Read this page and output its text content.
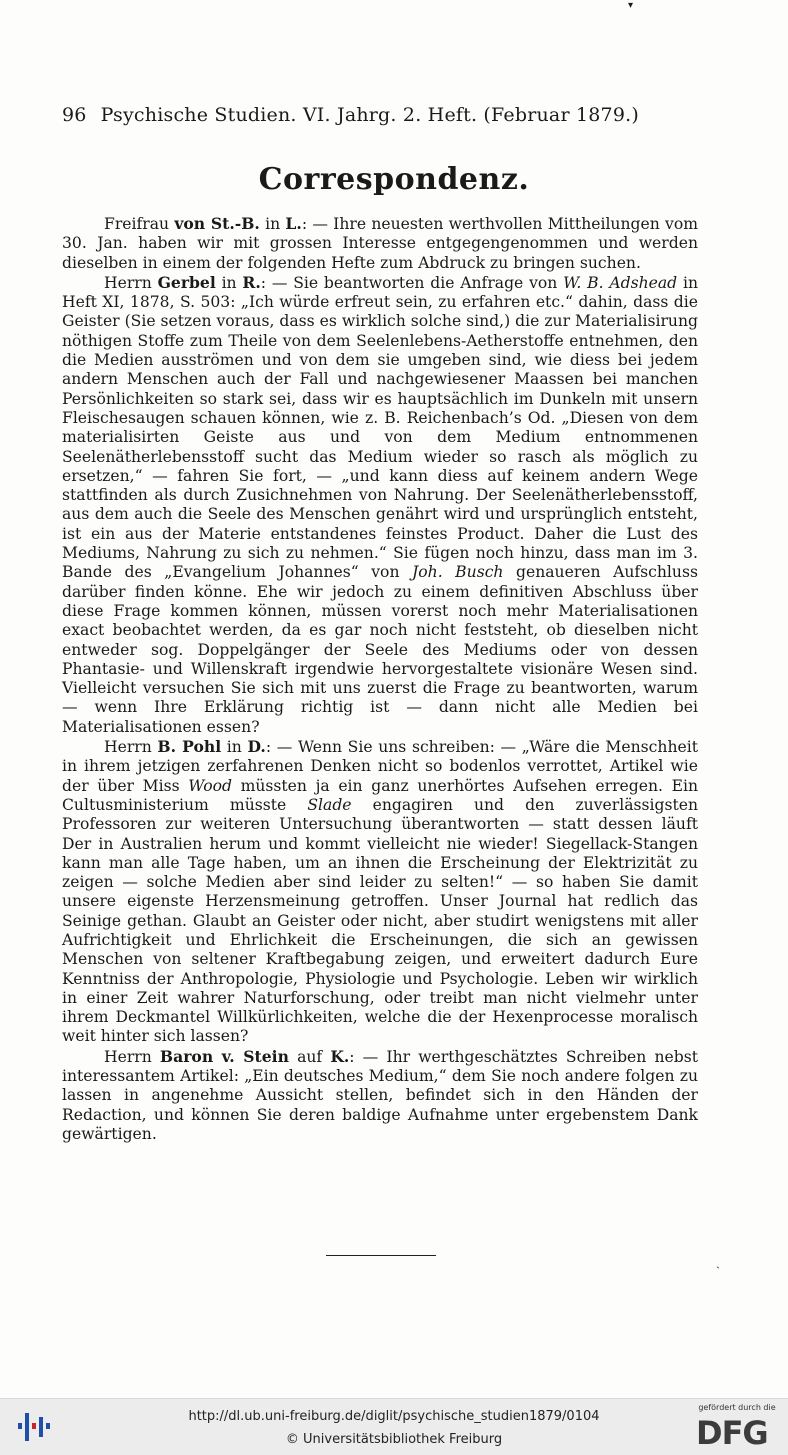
▾
96 Psychische Studien. VI. Jahrg. 2. Heft. (Februar 1879.)
Correspondenz.

Freifrau von St.-B. in L.: — Ihre neuesten werthvollen Mittheilungen vom 30. Jan. haben wir mit grossen Interesse entgegengenommen und werden dieselben in einem der folgenden Hefte zum Abdruck zu bringen suchen.

Herrn Gerbel in R.: — Sie beantworten die Anfrage von W. B. Adshead in Heft XI, 1878, S. 503: „Ich würde erfreut sein, zu erfahren etc.“ dahin, dass die Geister (Sie setzen voraus, dass es wirklich solche sind,) die zur Materialisirung nöthigen Stoffe zum Theile von dem Seelenlebens-Aetherstoffe entnehmen, den die Medien ausströmen und von dem sie umgeben sind, wie diess bei jedem andern Menschen auch der Fall und nachgewiesener Maassen bei manchen Persönlichkeiten so stark sei, dass wir es hauptsächlich im Dunkeln mit unsern Fleischesaugen schauen können, wie z. B. Reichenbach’s Od. „Diesen von dem materialisirten Geiste aus und von dem Medium entnommenen Seelenätherlebensstoff sucht das Medium wieder so rasch als möglich zu ersetzen,“ — fahren Sie fort, — „und kann diess auf keinem andern Wege stattfinden als durch Zusichnehmen von Nahrung. Der Seelenätherlebensstoff, aus dem auch die Seele des Menschen genährt wird und ursprünglich entsteht, ist ein aus der Materie entstandenes feinstes Product. Daher die Lust des Mediums, Nahrung zu sich zu nehmen.“ Sie fügen noch hinzu, dass man im 3. Bande des „Evangelium Johannes“ von Joh. Busch genaueren Aufschluss darüber finden könne. Ehe wir jedoch zu einem definitiven Abschluss über diese Frage kommen können, müssen vorerst noch mehr Materialisationen exact beobachtet werden, da es gar noch nicht feststeht, ob dieselben nicht entweder sog. Doppelgänger der Seele des Mediums oder von dessen Phantasie- und Willenskraft irgendwie hervorgestaltete visionäre Wesen sind. Vielleicht versuchen Sie sich mit uns zuerst die Frage zu beantworten, warum — wenn Ihre Erklärung richtig ist — dann nicht alle Medien bei Materialisationen essen?

Herrn B. Pohl in D.: — Wenn Sie uns schreiben: — „Wäre die Menschheit in ihrem jetzigen zerfahrenen Denken nicht so bodenlos verrottet, Artikel wie der über Miss Wood müssten ja ein ganz unerhörtes Aufsehen erregen. Ein Cultusministerium müsste Slade engagiren und den zuverlässigsten Professoren zur weiteren Untersuchung überantworten — statt dessen läuft Der in Australien herum und kommt vielleicht nie wieder! Siegellack-Stangen kann man alle Tage haben, um an ihnen die Erscheinung der Elektrizität zu zeigen — solche Medien aber sind leider zu selten!“ — so haben Sie damit unsere eigenste Herzensmeinung getroffen. Unser Journal hat redlich das Seinige gethan. Glaubt an Geister oder nicht, aber studirt wenigstens mit aller Aufrichtigkeit und Ehrlichkeit die Erscheinungen, die sich an gewissen Menschen von seltener Kraftbegabung zeigen, und erweitert dadurch Eure Kenntniss der Anthropologie, Physiologie und Psychologie. Leben wir wirklich in einer Zeit wahrer Naturforschung, oder treibt man nicht vielmehr unter ihrem Deckmantel Willkürlichkeiten, welche die der Hexenprocesse moralisch weit hinter sich lassen?

Herrn Baron v. Stein auf K.: — Ihr werthgeschätztes Schreiben nebst interessantem Artikel: „Ein deutsches Medium,“ dem Sie noch andere folgen zu lassen in angenehme Aussicht stellen, befindet sich in den Händen der Redaction, und können Sie deren baldige Aufnahme unter ergebenstem Dank gewärtigen.

ˎ
http://dl.ub.uni-freiburg.de/diglit/psychische_studien1879/0104
© Universitätsbibliothek Freiburg
gefördert durch die
DFG
